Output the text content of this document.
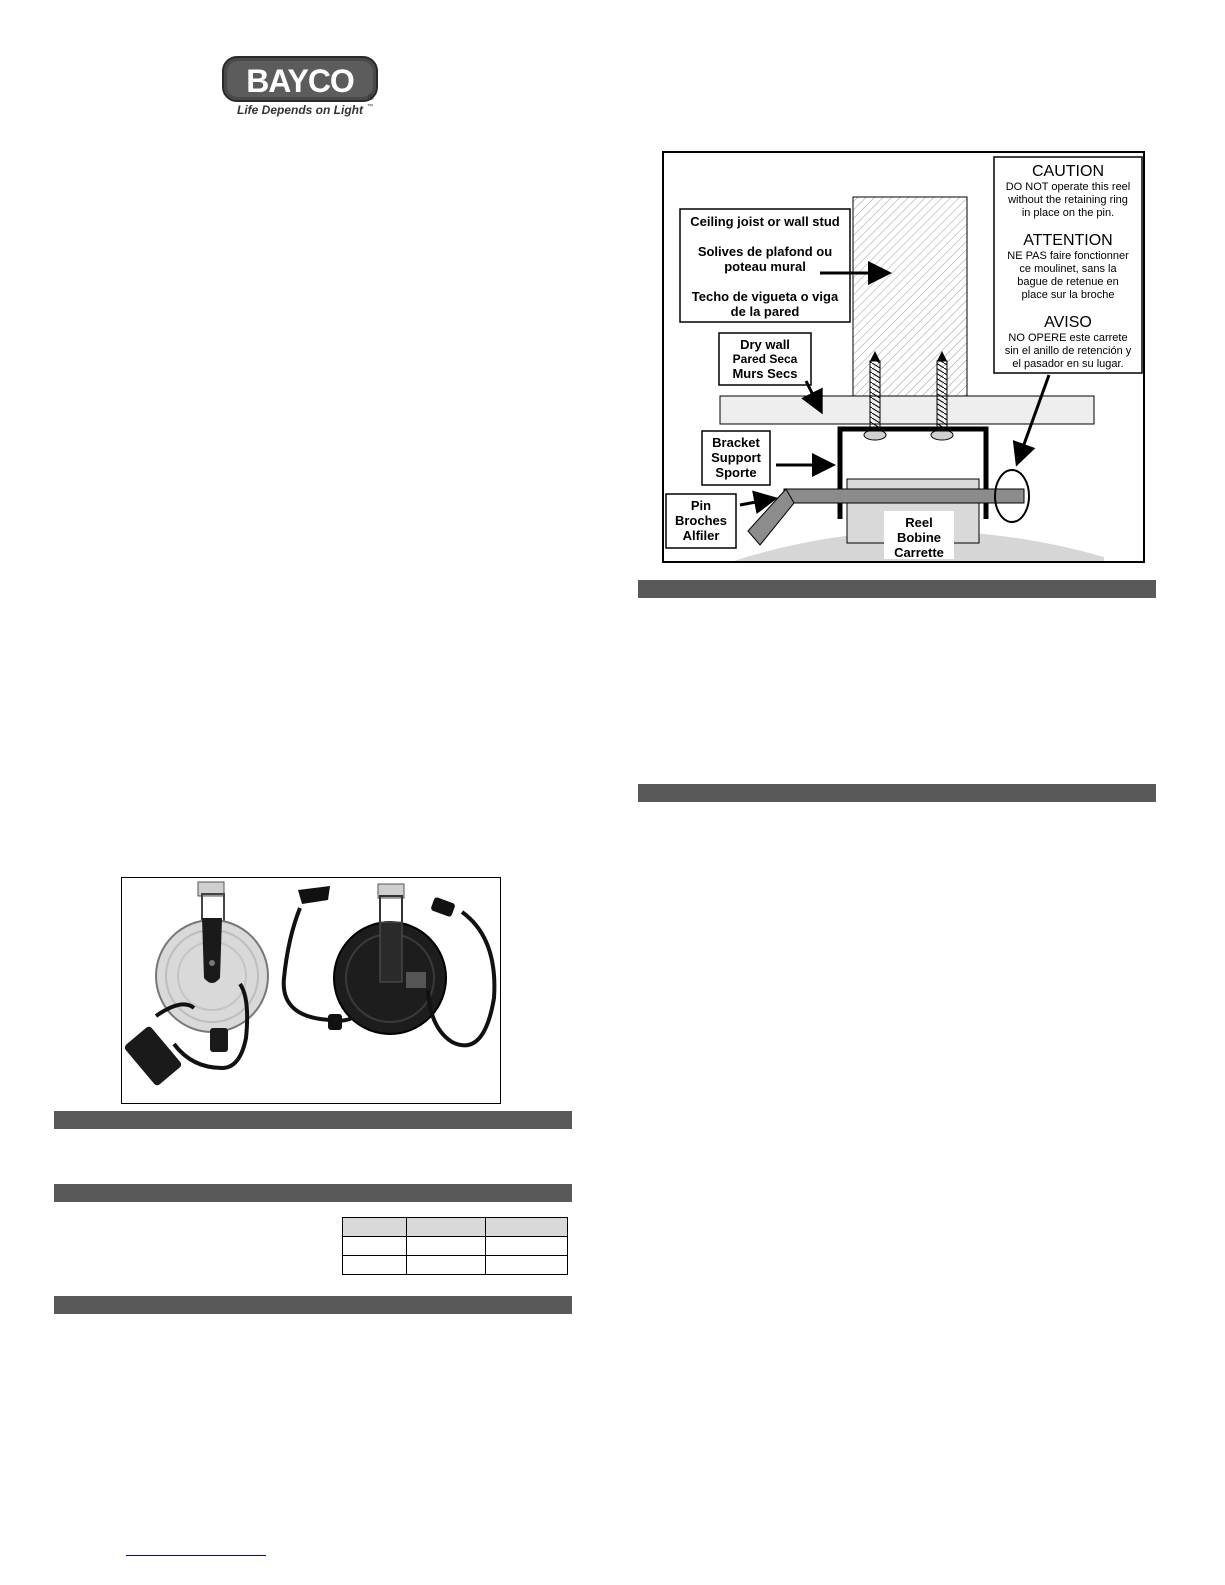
BAYCO ®
Life Depends on Light ™

Ceiling joist or wall stud
Solives de plafond ou
poteau mural
Techo de vigueta o viga
de la pared
Dry wall
Pared Seca
Murs Secs
Bracket
Support
Sporte
Pin
Broches
Alfiler
Reel
Bobine
Carrette
CAUTION
DO NOT operate this reel
without the retaining ring
in place on the pin.
ATTENTION
NE PAS faire fonctionner
ce moulinet, sans la
bague de retenue en
place sur la broche
AVISO
NO OPERE este carrete
sin el anillo de retención y
el pasador en su lugar.
